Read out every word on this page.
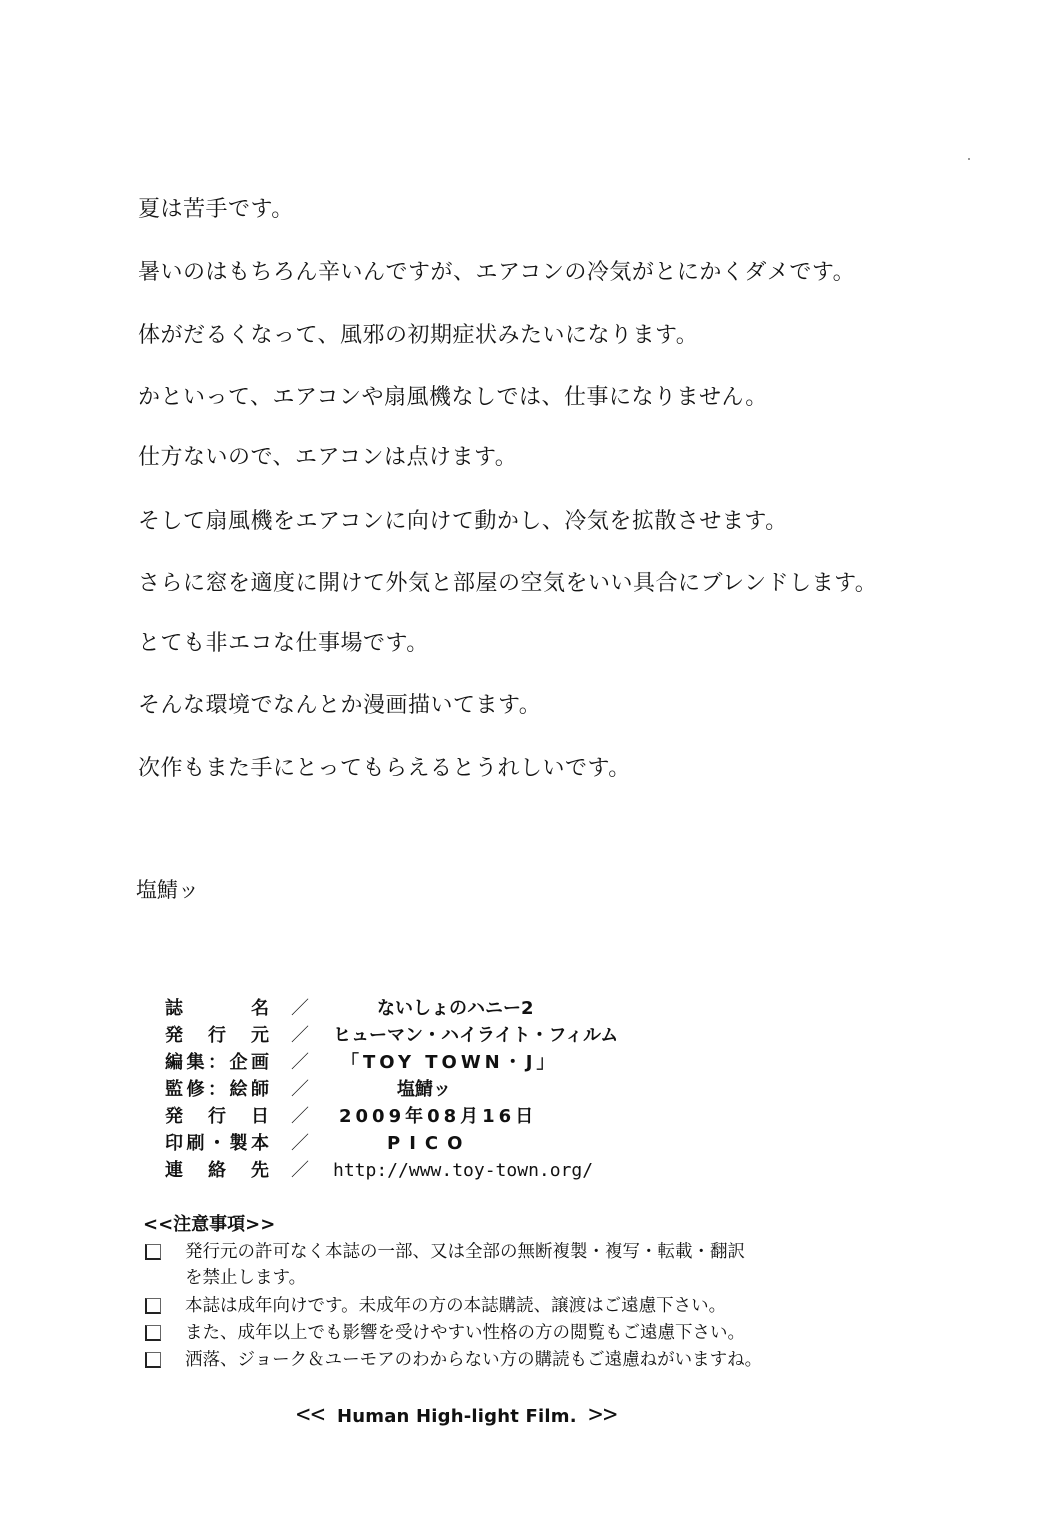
夏は苦手です。
暑いのはもちろん辛いんですが、エアコンの冷気がとにかくダメです。
体がだるくなって、風邪の初期症状みたいになります。
かといって、エアコンや扇風機なしでは、仕事になりません。
仕方ないので、エアコンは点けます。
そして扇風機をエアコンに向けて動かし、冷気を拡散させます。
さらに窓を適度に開けて外気と部屋の空気をいい具合にブレンドします。
とても非エコな仕事場です。
そんな環境でなんとか漫画描いてます。
次作もまた手にとってもらえるとうれしいです。
塩鯖ッ
誌　名 ／	ないしょのハニー2
発行元 ／ ヒューマン・ハイライト・フィルム
編集：企画 ／ 「TOY TOWN・J」
監修：絵師 ／	塩鯖ッ
発行日 ／ 2009年08月16日
印刷・製本 ／	PICO
連絡先 ／ http://www.toy-town.org/
<<注意事項>>
発行元の許可なく本誌の一部、又は全部の無断複製・複写・転載・翻訳
を禁止します。
本誌は成年向けです。未成年の方の本誌購読、譲渡はご遠慮下さい。
また、成年以上でも影響を受けやすい性格の方の閲覧もご遠慮下さい。
洒落、ジョーク＆ユーモアのわからない方の購読もご遠慮ねがいますね。
<< Human High-light Film. >>
